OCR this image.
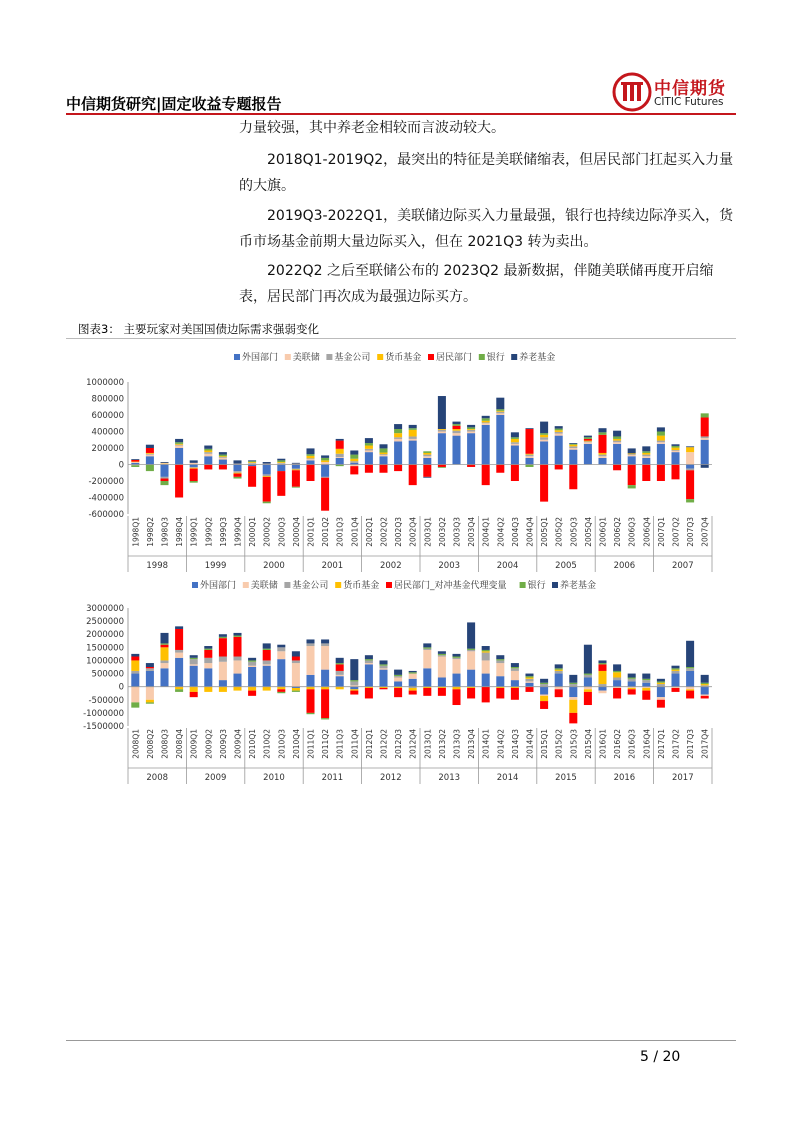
中信期货研究|固定收益专题报告
中信期货
CITIC Futures
力量较强，其中养老金相较而言波动较大。
2018Q1-2019Q2，最突出的特征是美联储缩表，但居民部门扛起买入力量的大旗。
2019Q3-2022Q1，美联储边际买入力量最强，银行也持续边际净买入，货币市场基金前期大量边际买入，但在 2021Q3 转为卖出。
2022Q2 之后至联储公布的 2023Q2 最新数据，伴随美联储再度开启缩表，居民部门再次成为最强边际买方。
图表3： 主要玩家对美国国债边际需求强弱变化
外国部门 美联储 基金公司 货币基金 居民部门 银行 养老基金
1000000
800000
600000
400000
200000
0
-200000
-400000
-600000
1998Q1 1998Q2 1998Q3 1998Q4 1999Q1 1999Q2 1999Q3 1999Q4 2000Q1 2000Q2 2000Q3 2000Q4 2001Q1 2001Q2 2001Q3 2001Q4 2002Q1 2002Q2 2002Q3 2002Q4 2003Q1 2003Q2 2003Q3 2003Q4 2004Q1 2004Q2 2004Q3 2004Q4 2005Q1 2005Q2 2005Q3 2005Q4 2006Q1 2006Q2 2006Q3 2006Q4 2007Q1 2007Q2 2007Q3 2007Q4
1998	1999	2000	2001	2002	2003	2004	2005	2006	2007
外国部门 美联储 基金公司 货币基金 居民部门_对冲基金代理变量 银行 养老基金
3000000
2500000
2000000
1500000
1000000
500000
0
-500000
-1000000
-1500000
2008Q1 2008Q2 2008Q3 2008Q4 2009Q1 2009Q2 2009Q3 2009Q4 2010Q1 2010Q2 2010Q3 2010Q4 2011Q1 2011Q2 2011Q3 2011Q4 2012Q1 2012Q2 2012Q3 2012Q4 2013Q1 2013Q2 2013Q3 2013Q4 2014Q1 2014Q2 2014Q3 2014Q4 2015Q1 2015Q2 2015Q3 2015Q4 2016Q1 2016Q2 2016Q3 2016Q4 2017Q1 2017Q2 2017Q3 2017Q4
2008	2009	2010	2011	2012	2013	2014	2015	2016	2017
5 / 20
